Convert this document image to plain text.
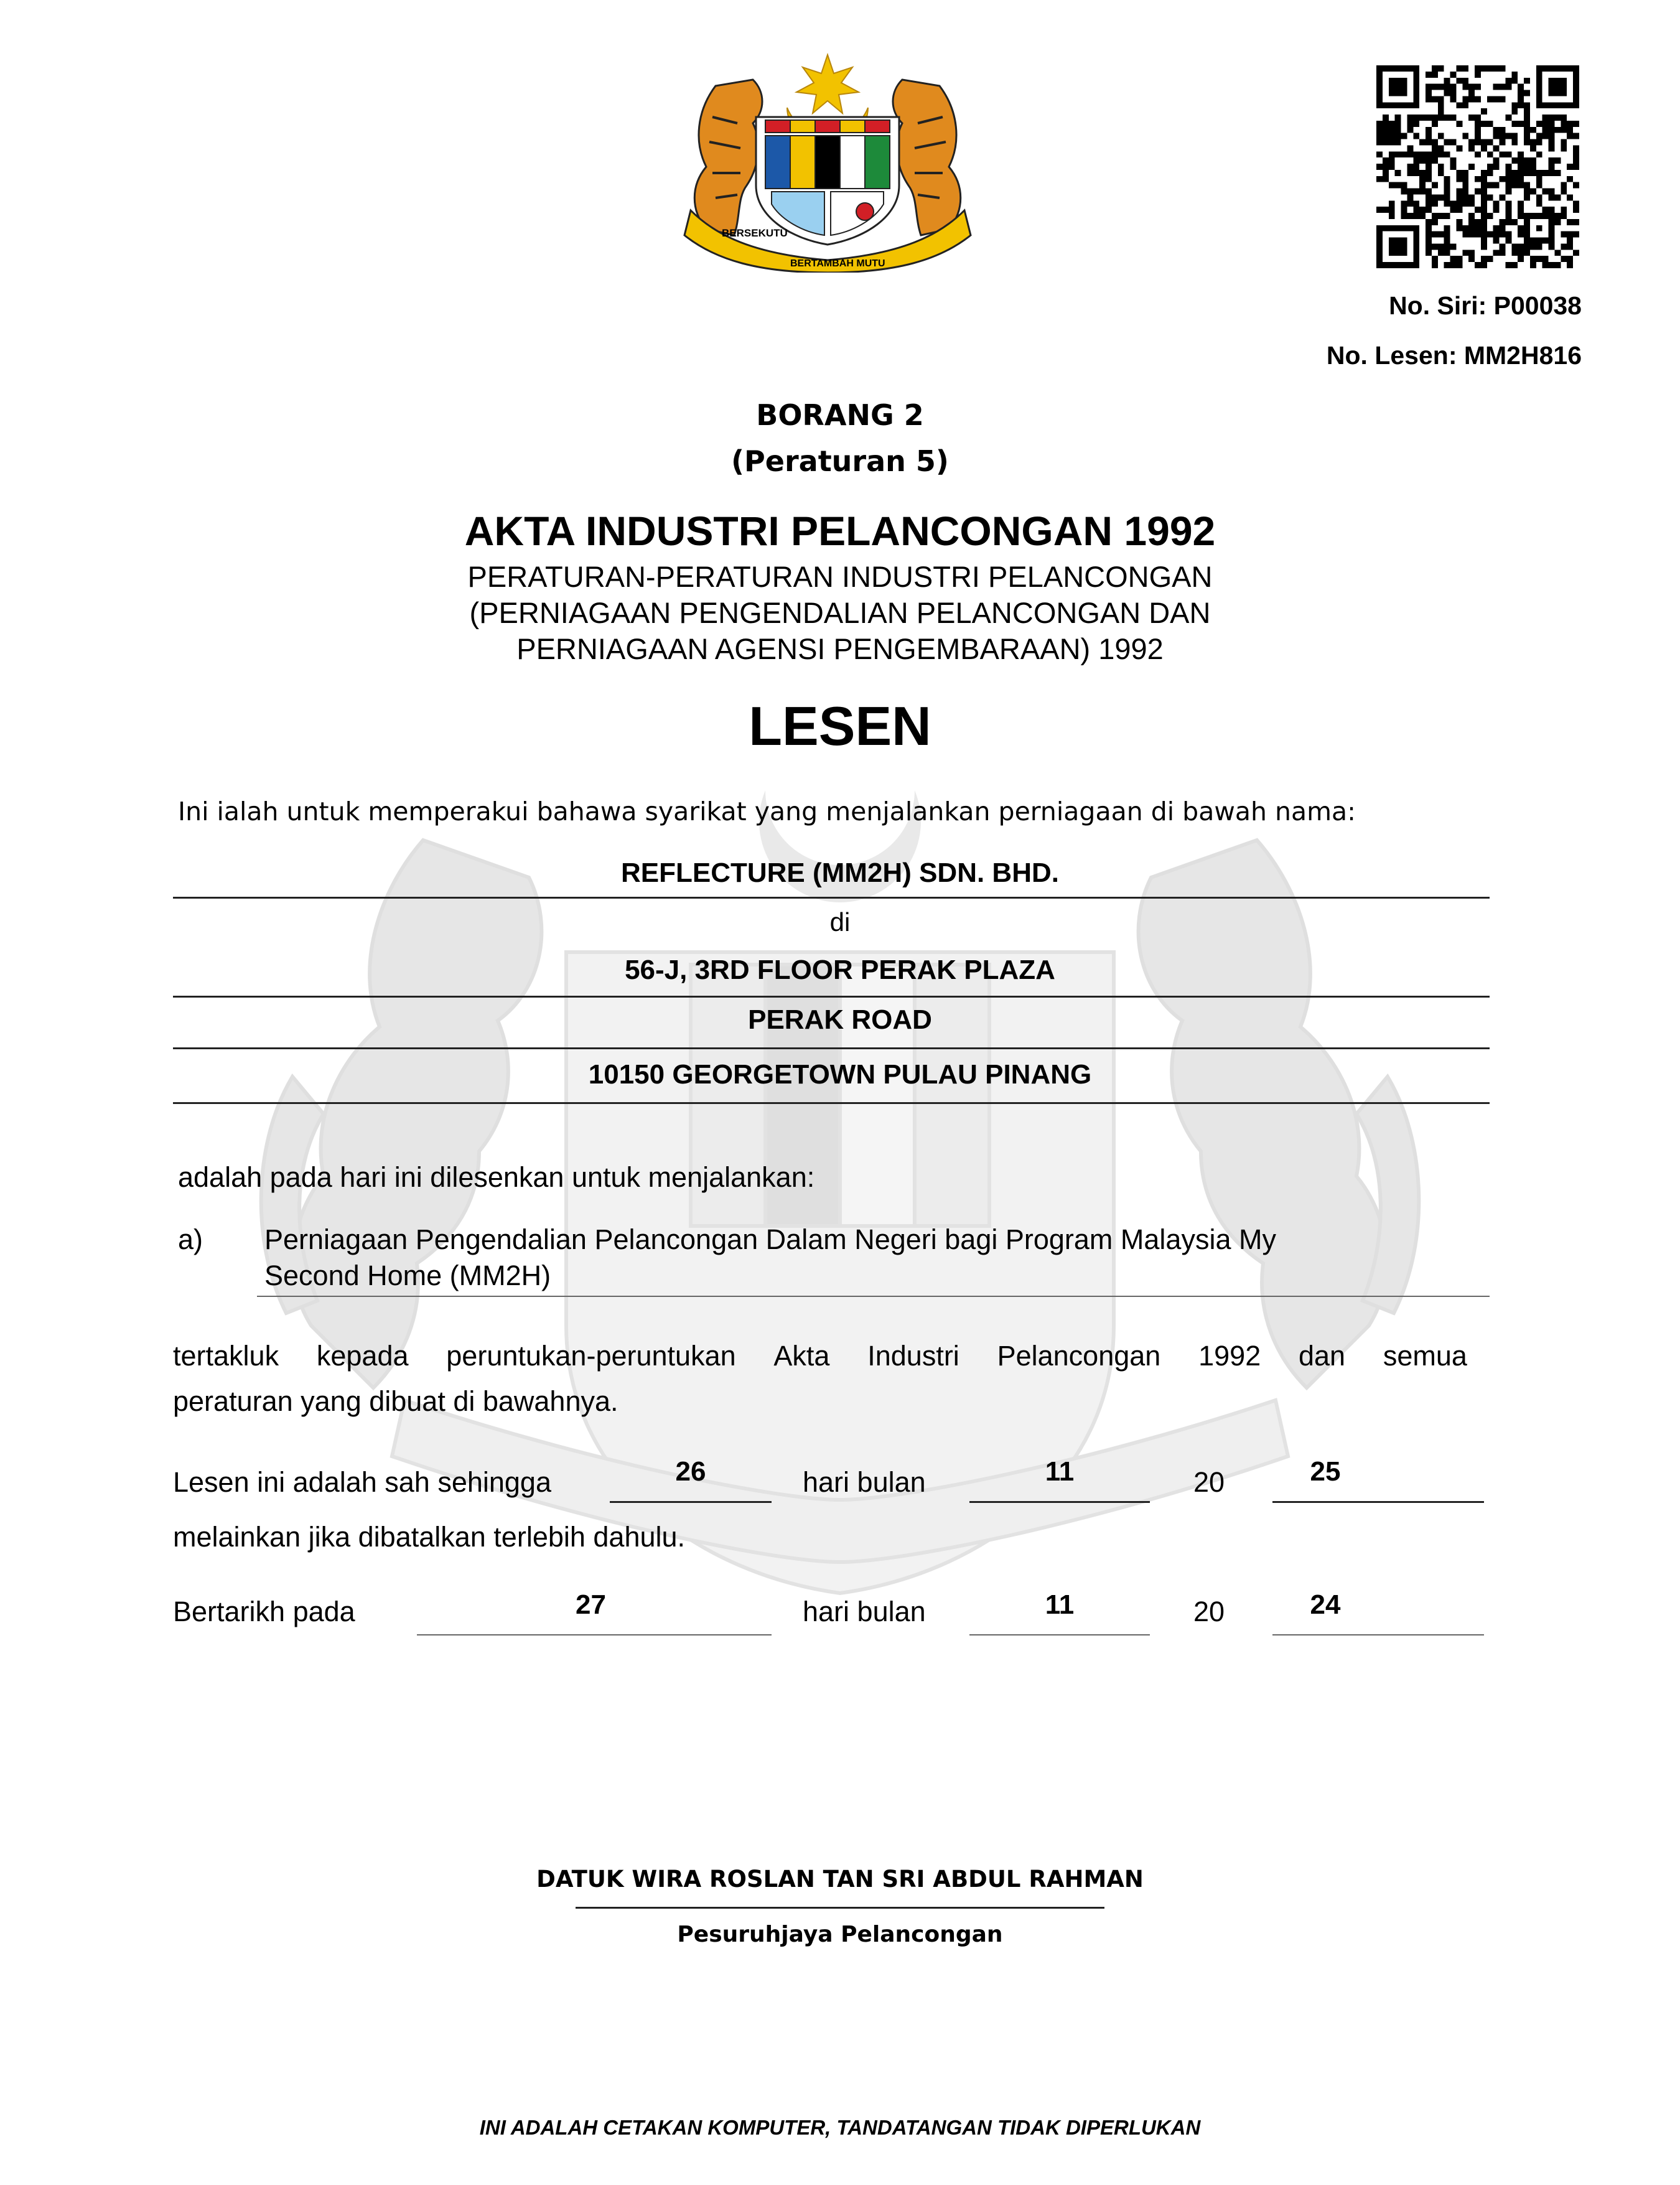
BERSEKUTU
BERTAMBAH MUTU
No. Siri: P00038
No. Lesen: MM2H816
BORANG 2
(Peraturan 5)
AKTA INDUSTRI PELANCONGAN 1992
PERATURAN-PERATURAN INDUSTRI PELANCONGAN
(PERNIAGAAN PENGENDALIAN PELANCONGAN DAN
PERNIAGAAN AGENSI PENGEMBARAAN) 1992
LESEN
Ini ialah untuk memperakui bahawa syarikat yang menjalankan perniagaan di bawah nama:
REFLECTURE (MM2H) SDN. BHD.
di
56-J, 3RD FLOOR PERAK PLAZA
PERAK ROAD
10150 GEORGETOWN PULAU PINANG
adalah pada hari ini dilesenkan untuk menjalankan:
a) Perniagaan Pengendalian Pelancongan Dalam Negeri bagi Program Malaysia My
Second Home (MM2H)
tertakluk kepada peruntukan-peruntukan Akta Industri Pelancongan 1992 dan semua
peraturan yang dibuat di bawahnya.
Lesen ini adalah sah sehingga	26	hari bulan	11	20	25
melainkan jika dibatalkan terlebih dahulu.
Bertarikh pada	27	hari bulan	11	20	24
DATUK WIRA ROSLAN TAN SRI ABDUL RAHMAN
Pesuruhjaya Pelancongan
INI ADALAH CETAKAN KOMPUTER, TANDATANGAN TIDAK DIPERLUKAN
